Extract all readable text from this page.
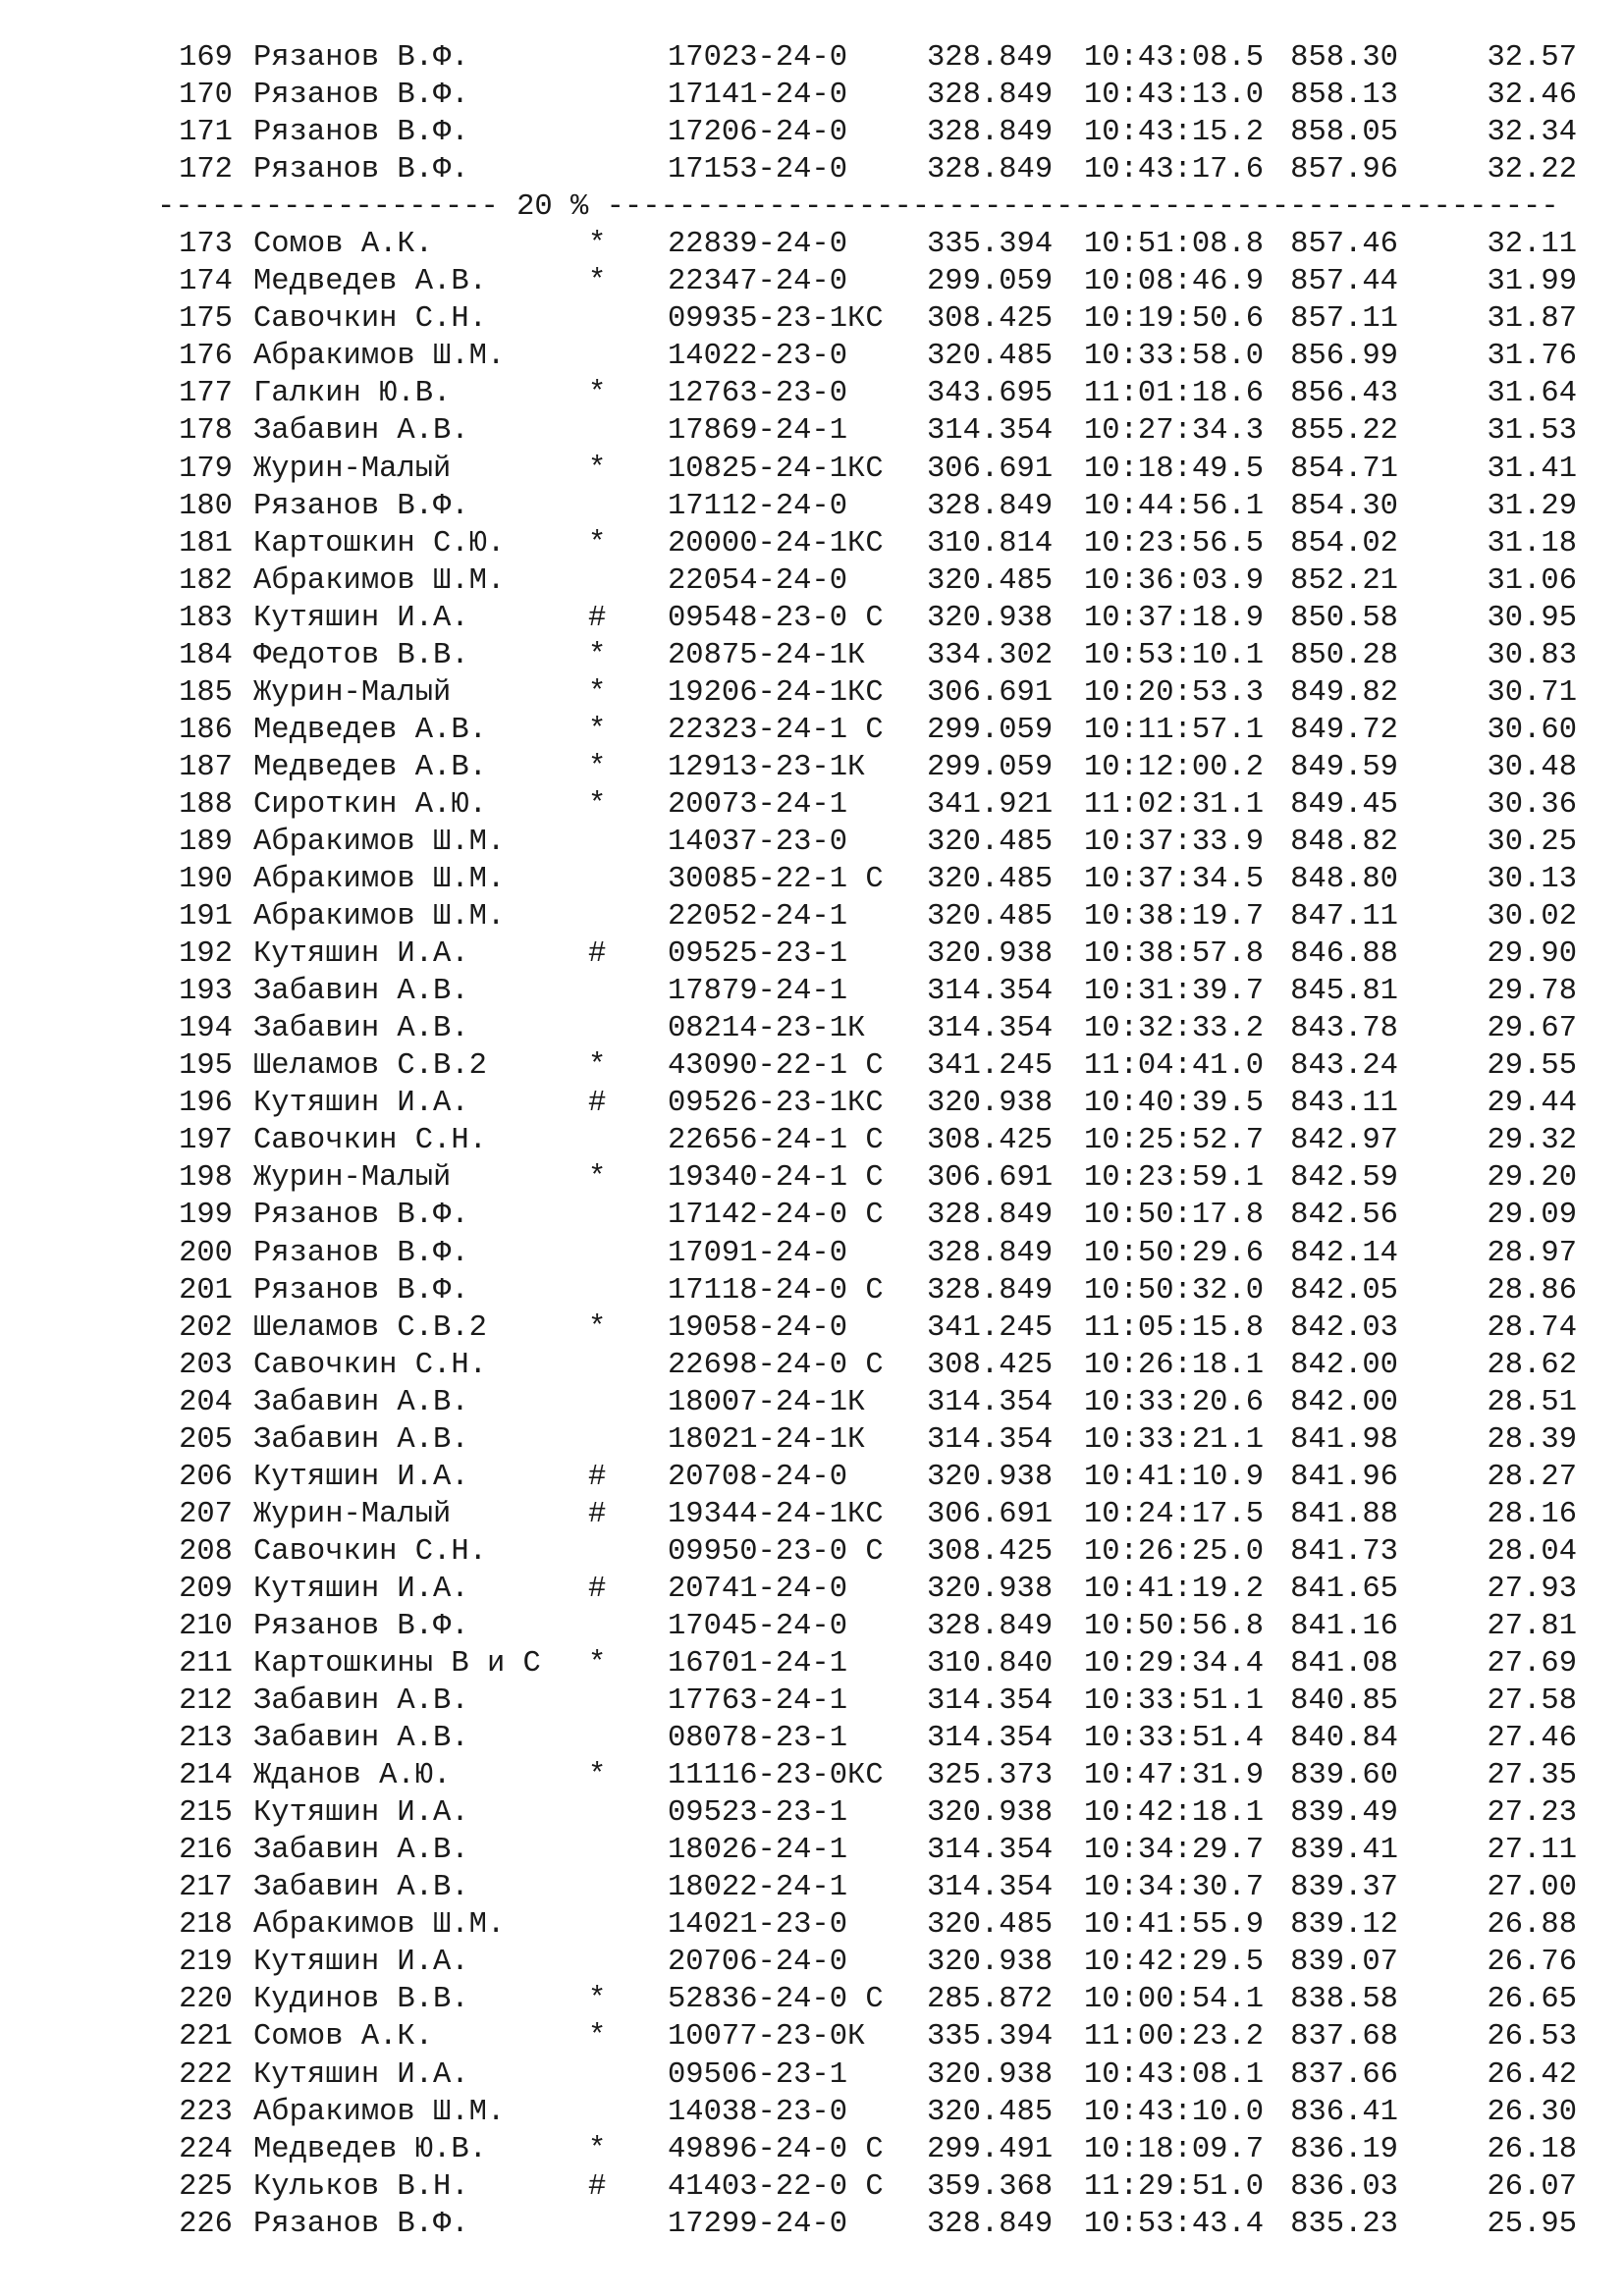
169 Рязанов В.Ф.	17023-24-0	328.849 10:43:08.5 858.30	32.57
170 Рязанов В.Ф.	17141-24-0	328.849 10:43:13.0 858.13	32.46
171 Рязанов В.Ф.	17206-24-0	328.849 10:43:15.2 858.05	32.34
172 Рязанов В.Ф.	17153-24-0	328.849 10:43:17.6 857.96	32.22

------------------- 20 % -----------------------------------------------------

173 Сомов А.К.	* 22839-24-0	335.394 10:51:08.8 857.46	32.11
174 Медведев А.В.	* 22347-24-0	299.059 10:08:46.9 857.44	31.99
175 Савочкин С.Н.	09935-23-1КС 308.425 10:19:50.6 857.11	31.87
176 Абракимов Ш.М.	14022-23-0	320.485 10:33:58.0 856.99	31.76
177 Галкин Ю.В.	* 12763-23-0	343.695 11:01:18.6 856.43	31.64
178 Забавин А.В.	17869-24-1	314.354 10:27:34.3 855.22	31.53
179 Журин-Малый	* 10825-24-1КС 306.691 10:18:49.5 854.71	31.41
180 Рязанов В.Ф.	17112-24-0	328.849 10:44:56.1 854.30	31.29
181 Картошкин С.Ю.	* 20000-24-1КС 310.814 10:23:56.5 854.02	31.18
182 Абракимов Ш.М.	22054-24-0	320.485 10:36:03.9 852.21	31.06
183 Кутяшин И.А.	# 09548-23-0 С 320.938 10:37:18.9 850.58	30.95
184 Федотов В.В.	* 20875-24-1К 334.302 10:53:10.1 850.28	30.83
185 Журин-Малый	* 19206-24-1КС 306.691 10:20:53.3 849.82	30.71
186 Медведев А.В.	* 22323-24-1 С 299.059 10:11:57.1 849.72	30.60
187 Медведев А.В.	* 12913-23-1К 299.059 10:12:00.2 849.59	30.48
188 Сироткин А.Ю.	* 20073-24-1	341.921 11:02:31.1 849.45	30.36
189 Абракимов Ш.М.	14037-23-0	320.485 10:37:33.9 848.82	30.25
190 Абракимов Ш.М.	30085-22-1 С 320.485 10:37:34.5 848.80	30.13
191 Абракимов Ш.М.	22052-24-1	320.485 10:38:19.7 847.11	30.02
192 Кутяшин И.А.	# 09525-23-1	320.938 10:38:57.8 846.88	29.90
193 Забавин А.В.	17879-24-1	314.354 10:31:39.7 845.81	29.78
194 Забавин А.В.	08214-23-1К 314.354 10:32:33.2 843.78	29.67
195 Шеламов С.В.2	* 43090-22-1 С 341.245 11:04:41.0 843.24	29.55
196 Кутяшин И.А.	# 09526-23-1КС 320.938 10:40:39.5 843.11	29.44
197 Савочкин С.Н.	22656-24-1 С 308.425 10:25:52.7 842.97	29.32
198 Журин-Малый	* 19340-24-1 С 306.691 10:23:59.1 842.59	29.20
199 Рязанов В.Ф.	17142-24-0 С 328.849 10:50:17.8 842.56	29.09
200 Рязанов В.Ф.	17091-24-0	328.849 10:50:29.6 842.14	28.97
201 Рязанов В.Ф.	17118-24-0 С 328.849 10:50:32.0 842.05	28.86
202 Шеламов С.В.2	* 19058-24-0	341.245 11:05:15.8 842.03	28.74
203 Савочкин С.Н.	22698-24-0 С 308.425 10:26:18.1 842.00	28.62
204 Забавин А.В.	18007-24-1К 314.354 10:33:20.6 842.00	28.51
205 Забавин А.В.	18021-24-1К 314.354 10:33:21.1 841.98	28.39
206 Кутяшин И.А.	# 20708-24-0	320.938 10:41:10.9 841.96	28.27
207 Журин-Малый	# 19344-24-1КС 306.691 10:24:17.5 841.88	28.16
208 Савочкин С.Н.	09950-23-0 С 308.425 10:26:25.0 841.73	28.04
209 Кутяшин И.А.	# 20741-24-0	320.938 10:41:19.2 841.65	27.93
210 Рязанов В.Ф.	17045-24-0	328.849 10:50:56.8 841.16	27.81
211 Картошкины В и С * 16701-24-1	310.840 10:29:34.4 841.08	27.69
212 Забавин А.В.	17763-24-1	314.354 10:33:51.1 840.85	27.58
213 Забавин А.В.	08078-23-1	314.354 10:33:51.4 840.84	27.46
214 Жданов А.Ю.	* 11116-23-0КС 325.373 10:47:31.9 839.60	27.35
215 Кутяшин И.А.	09523-23-1	320.938 10:42:18.1 839.49	27.23
216 Забавин А.В.	18026-24-1	314.354 10:34:29.7 839.41	27.11
217 Забавин А.В.	18022-24-1	314.354 10:34:30.7 839.37	27.00
218 Абракимов Ш.М.	14021-23-0	320.485 10:41:55.9 839.12	26.88
219 Кутяшин И.А.	20706-24-0	320.938 10:42:29.5 839.07	26.76
220 Кудинов В.В.	* 52836-24-0 С 285.872 10:00:54.1 838.58	26.65
221 Сомов А.К.	* 10077-23-0К 335.394 11:00:23.2 837.68	26.53
222 Кутяшин И.А.	09506-23-1	320.938 10:43:08.1 837.66	26.42
223 Абракимов Ш.М.	14038-23-0	320.485 10:43:10.0 836.41	26.30
224 Медведев Ю.В.	* 49896-24-0 С 299.491 10:18:09.7 836.19	26.18
225 Кульков В.Н.	# 41403-22-0 С 359.368 11:29:51.0 836.03	26.07
226 Рязанов В.Ф.	17299-24-0	328.849 10:53:43.4 835.23	25.95
